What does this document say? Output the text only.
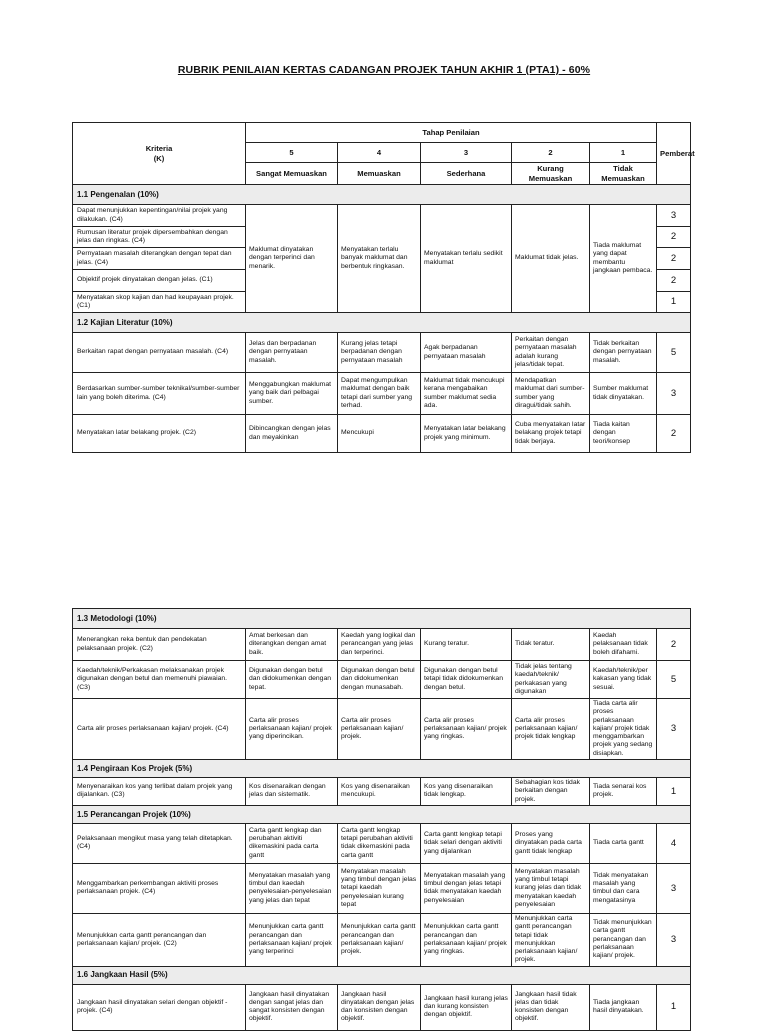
RUBRIK PENILAIAN KERTAS CADANGAN PROJEK TAHUN AKHIR 1 (PTA1) - 60%
Kriteria
(K)	Tahap Penilaian					Pemberat
	5	4	3	2	1	
	Sangat Memuaskan	Memuaskan	Sederhana	Kurang Memuaskan	Tidak Memuaskan	
1.1 Pengenalan (10%)						
Dapat menunjukkan kepentingan/nilai projek yang dilakukan. (C4)	Maklumat dinyatakan dengan terperinci dan menarik.	Menyatakan terlalu banyak maklumat dan berbentuk ringkasan.	Menyatakan terlalu sedikit maklumat	Maklumat tidak jelas.	Tiada maklumat yang dapat membantu jangkaan pembaca.	3
Rumusan literatur projek dipersembahkan dengan jelas dan ringkas. (C4)						2
Pernyataan masalah diterangkan dengan tepat dan jelas. (C4)						2
Objektif projek dinyatakan dengan jelas. (C1)						2
Menyatakan skop kajian dan had keupayaan projek. (C1)						1
1.2 Kajian Literatur (10%)						
Berkaitan rapat dengan pernyataan masalah. (C4)	Jelas dan berpadanan dengan pernyataan masalah.	Kurang jelas tetapi berpadanan dengan pernyataan masalah	Agak berpadanan pernyataan masalah	Perkaitan dengan pernyataan masalah adalah kurang jelas/tidak tepat.	Tidak berkaitan dengan pernyataan masalah.	5
Berdasarkan sumber-sumber teknikal/sumber-sumber lain yang boleh diterima. (C4)	Menggabungkan maklumat yang baik dari pelbagai sumber.	Dapat mengumpulkan maklumat dengan baik tetapi dari sumber yang terhad.	Maklumat tidak mencukupi kerana mengabaikan sumber maklumat sedia ada.	Mendapatkan maklumat dari sumber-sumber yang diragui/tidak sahih.	Sumber maklumat tidak dinyatakan.	3
Menyatakan latar belakang projek. (C2)	Dibincangkan dengan jelas dan meyakinkan	Mencukupi	Menyatakan latar belakang projek yang minimum.	Cuba menyatakan latar belakang projek tetapi tidak berjaya.	Tiada kaitan dengan teori/konsep	2
1.3 Metodologi (10%)						
Menerangkan reka bentuk dan pendekatan pelaksanaan projek. (C2)	Amat berkesan dan diterangkan dengan amat baik.	Kaedah yang logikal dan perancangan yang jelas dan terperinci.	Kurang teratur.	Tidak teratur.	Kaedah pelaksanaan tidak boleh difahami.	2
Kaedah/teknik/Perkakasan melaksanakan projek digunakan dengan betul dan memenuhi piawaian. (C3)	Digunakan dengan betul dan didokumenkan dengan tepat.	Digunakan dengan betul dan didokumenkan dengan munasabah.	Digunakan dengan betul tetapi tidak didokumenkan dengan betul.	Tidak jelas tentang kaedah/teknik/ perkakasan yang digunakan	Kaedah/teknik/per kakasan yang tidak sesuai.	5
Carta alir proses perlaksanaan kajian/ projek. (C4)	Carta alir proses perlaksanaan kajian/ projek yang diperincikan.	Carta alir proses perlaksanaan kajian/ projek.	Carta alir proses perlaksanaan kajian/ projek yang ringkas.	Carta alir proses perlaksanaan kajian/ projek tidak lengkap	Tiada carta alir proses perlaksanaan kajian/ projek tidak menggambarkan projek yang sedang disiapkan.	3
1.4 Pengiraan Kos Projek (5%)						
Menyenaraikan kos yang terlibat dalam projek yang dijalankan. (C3)	Kos disenaraikan dengan jelas dan sistematik.	Kos yang disenaraikan mencukupi.	Kos yang disenaraikan tidak lengkap.	Sebahagian kos tidak berkaitan dengan projek.	Tiada senarai kos projek.	1
1.5 Perancangan Projek (10%)						
Pelaksanaan mengikut masa yang telah ditetapkan. (C4)	Carta gantt lengkap dan perubahan aktiviti dikemaskini pada carta gantt	Carta gantt lengkap tetapi perubahan aktiviti tidak dikemaskini pada carta gantt	Carta gantt lengkap tetapi tidak selari dengan aktiviti yang dijalankan	Proses yang dinyatakan pada carta gantt tidak lengkap	Tiada carta gantt	4
Menggambarkan perkembangan aktiviti proses perlaksanaan projek. (C4)	Menyatakan masalah yang timbul dan kaedah penyelesaian-penyelesaian yang jelas dan tepat	Menyatakan masalah yang timbul dengan jelas tetapi kaedah penyelesaian kurang tepat	Menyatakan masalah yang timbul dengan jelas tetapi tidak menyatakan kaedah penyelesaian	Menyatakan masalah yang timbul tetapi kurang jelas dan tidak menyatakan kaedah penyelesaian	Tidak menyatakan masalah yang timbul dan cara mengatasinya	3
Menunjukkan carta gantt perancangan dan perlaksanaan kajian/ projek. (C2)	Menunjukkan carta gantt perancangan dan perlaksanaan kajian/ projek yang terperinci	Menunjukkan carta gantt perancangan dan perlaksanaan kajian/ projek.	Menunjukkan carta gantt perancangan dan perlaksanaan kajian/ projek yang ringkas.	Menunjukkan carta gantt perancangan tetapi tidak menunjukkan perlaksanaan kajian/ projek.	Tidak menunjukkan carta gantt perancangan dan perlaksanaan kajian/ projek.	3
1.6 Jangkaan Hasil (5%)						
Jangkaan hasil dinyatakan selari dengan objektif - projek. (C4)	Jangkaan hasil dinyatakan dengan sangat jelas dan sangat konsisten dengan objektif.	Jangkaan hasil dinyatakan dengan jelas dan konsisten dengan objektif.	Jangkaan hasil kurang jelas dan kurang konsisten dengan objektif.	Jangkaan hasil tidak jelas dan tidak konsisten dengan objektif.	Tiada jangkaan hasil dinyatakan.	1
